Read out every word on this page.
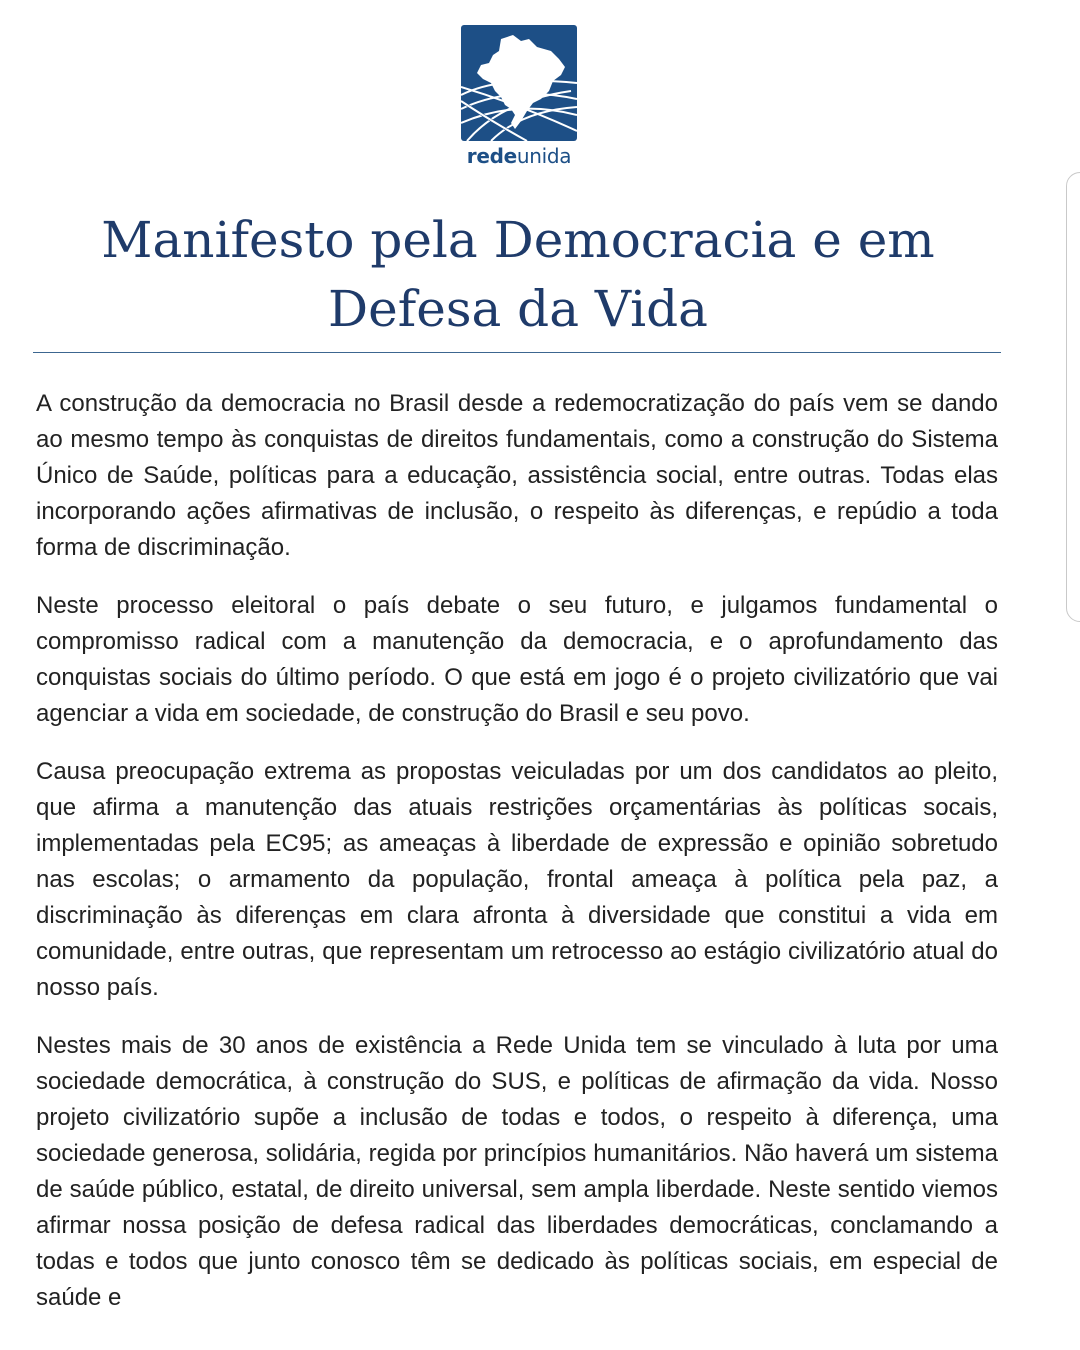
redeunida
Manifesto pela Democracia e em Defesa da Vida

A construção da democracia no Brasil desde a redemocratização do país vem se dando ao mesmo tempo às conquistas de direitos fundamentais, como a construção do Sistema Único de Saúde, políticas para a educação, assistência social, entre outras. Todas elas incorporando ações afirmativas de inclusão, o respeito às diferenças, e repúdio a toda forma de discriminação.

Neste processo eleitoral o país debate o seu futuro, e julgamos fundamental o compromisso radical com a manutenção da democracia, e o aprofundamento das conquistas sociais do último período. O que está em jogo é o projeto civilizatório que vai agenciar a vida em sociedade, de construção do Brasil e seu povo.

Causa preocupação extrema as propostas veiculadas por um dos candidatos ao pleito, que afirma a manutenção das atuais restrições orçamentárias às políticas socais, implementadas pela EC95; as ameaças à liberdade de expressão e opinião sobretudo nas escolas; o armamento da população, frontal ameaça à política pela paz, a discriminação às diferenças em clara afronta à diversidade que constitui a vida em comunidade, entre outras, que representam um retrocesso ao estágio civilizatório atual do nosso país.

Nestes mais de 30 anos de existência a Rede Unida tem se vinculado à luta por uma sociedade democrática, à construção do SUS, e políticas de afirmação da vida. Nosso projeto civilizatório supõe a inclusão de todas e todos, o respeito à diferença, uma sociedade generosa, solidária, regida por princípios humanitários. Não haverá um sistema de saúde público, estatal, de direito universal, sem ampla liberdade. Neste sentido viemos afirmar nossa posição de defesa radical das liberdades democráticas, conclamando a todas e todos que junto conosco têm se dedicado às políticas sociais, em especial de saúde e
